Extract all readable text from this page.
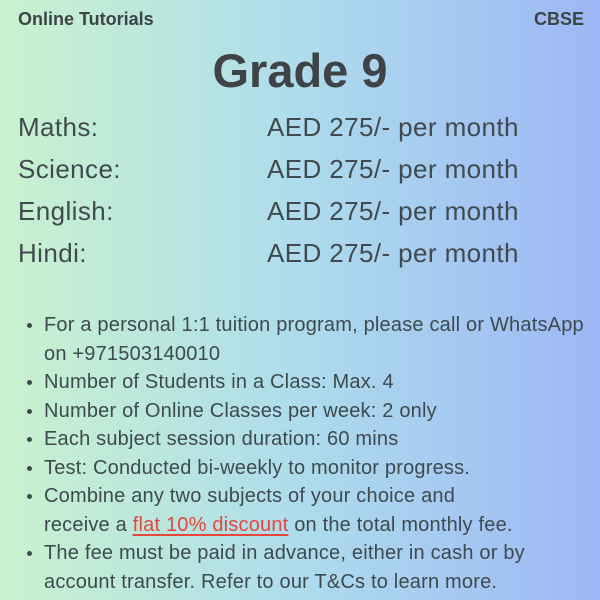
Online Tutorials	CBSE
Grade 9
Maths:	AED 275/- per month
Science:	AED 275/- per month
English:	AED 275/- per month
Hindi:	AED 275/- per month
• For a personal 1:1 tuition program, please call or WhatsApp on +971503140010
• Number of Students in a Class: Max. 4
• Number of Online Classes per week: 2 only
• Each subject session duration: 60 mins
• Test: Conducted bi-weekly to monitor progress.
• Combine any two subjects of your choice and
receive a flat 10% discount on the total monthly fee.
• The fee must be paid in advance, either in cash or by account transfer. Refer to our T&Cs to learn more.
